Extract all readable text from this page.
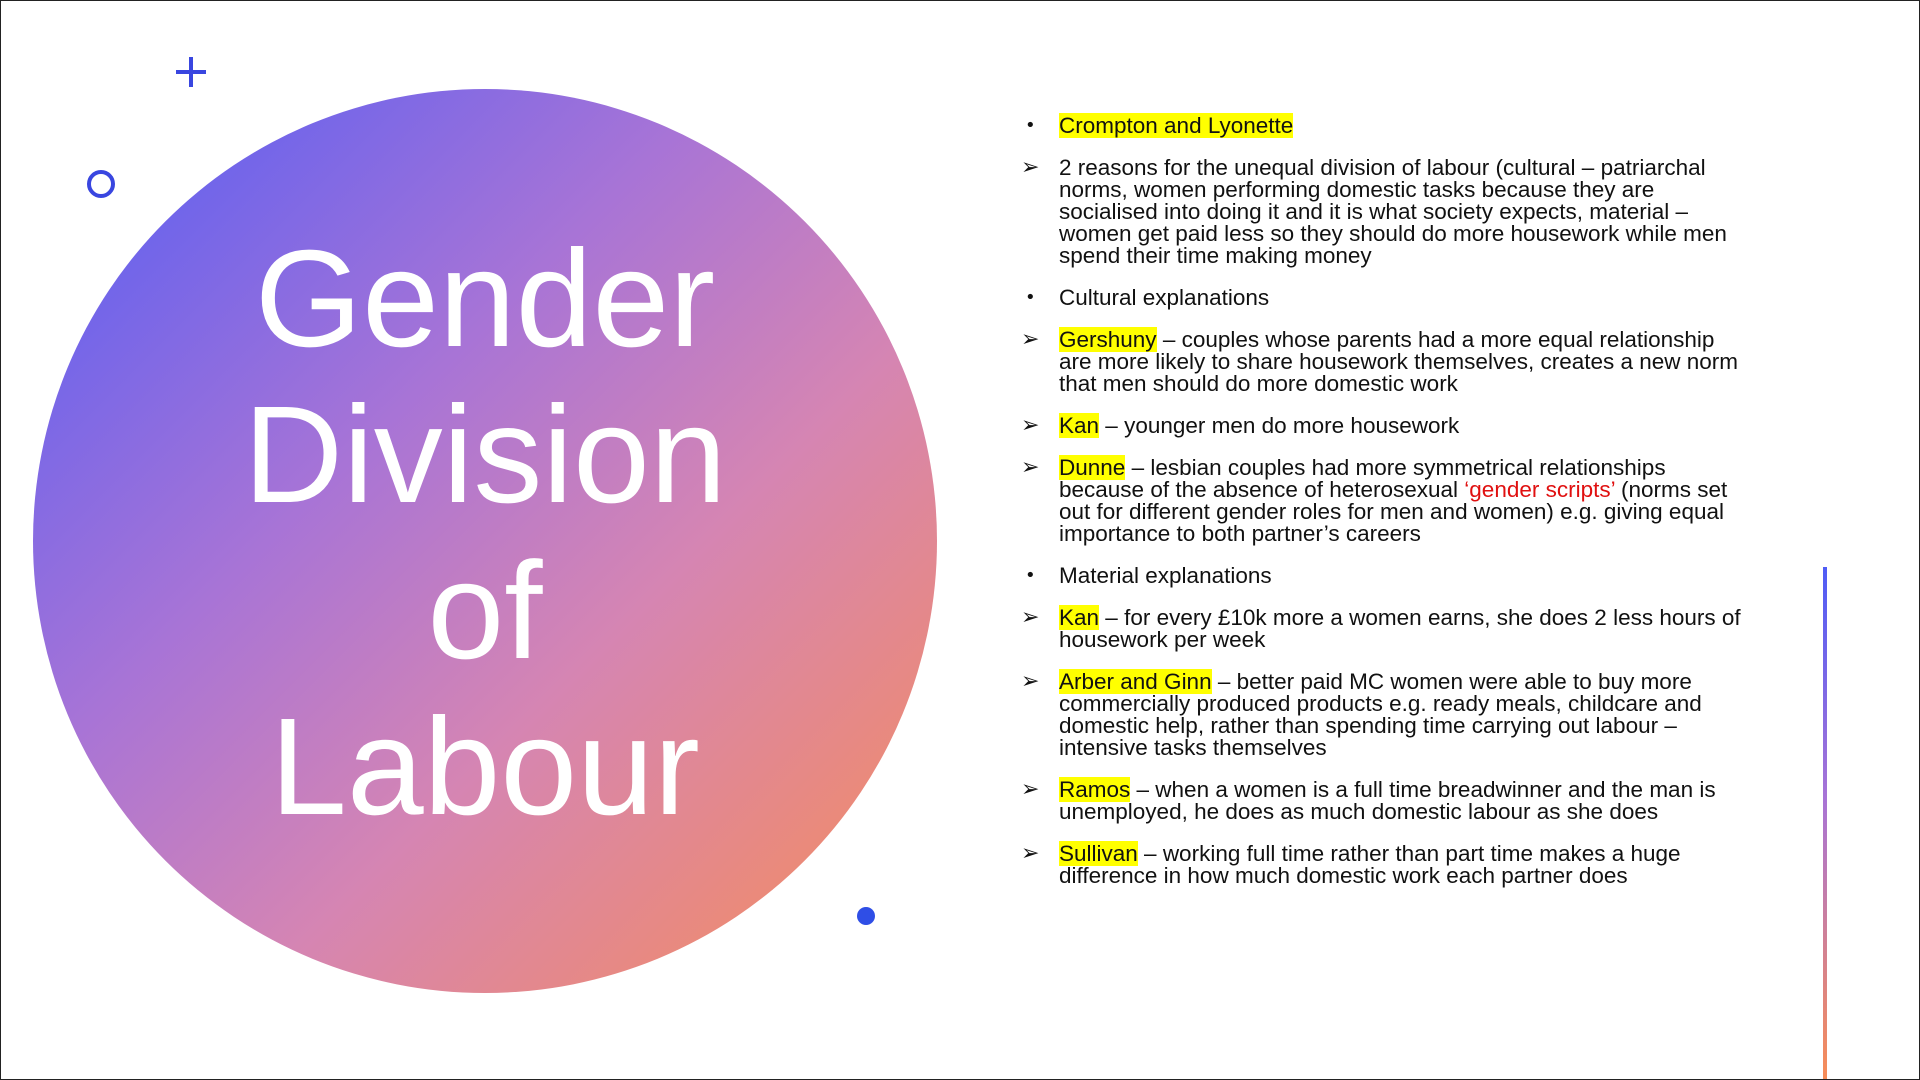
Gender
Division
of
Labour
•	Crompton and Lyonette
➢ 2 reasons for the unequal division of labour (cultural – patriarchal norms, women performing domestic tasks because they are socialised into doing it and it is what society expects, material – women get paid less so they should do more housework while men spend their time making money
•	Cultural explanations
➢ Gershuny – couples whose parents had a more equal relationship are more likely to share housework themselves, creates a new norm that men should do more domestic work
➢ Kan – younger men do more housework
➢ Dunne – lesbian couples had more symmetrical relationships because of the absence of heterosexual ‘gender scripts’ (norms set out for different gender roles for men and women) e.g. giving equal importance to both partner’s careers
•	Material explanations
➢ Kan – for every £10k more a women earns, she does 2 less hours of housework per week
➢ Arber and Ginn – better paid MC women were able to buy more commercially produced products e.g. ready meals, childcare and domestic help, rather than spending time carrying out labour – intensive tasks themselves
➢ Ramos – when a women is a full time breadwinner and the man is unemployed, he does as much domestic labour as she does
➢ Sullivan – working full time rather than part time makes a huge difference in how much domestic work each partner does
